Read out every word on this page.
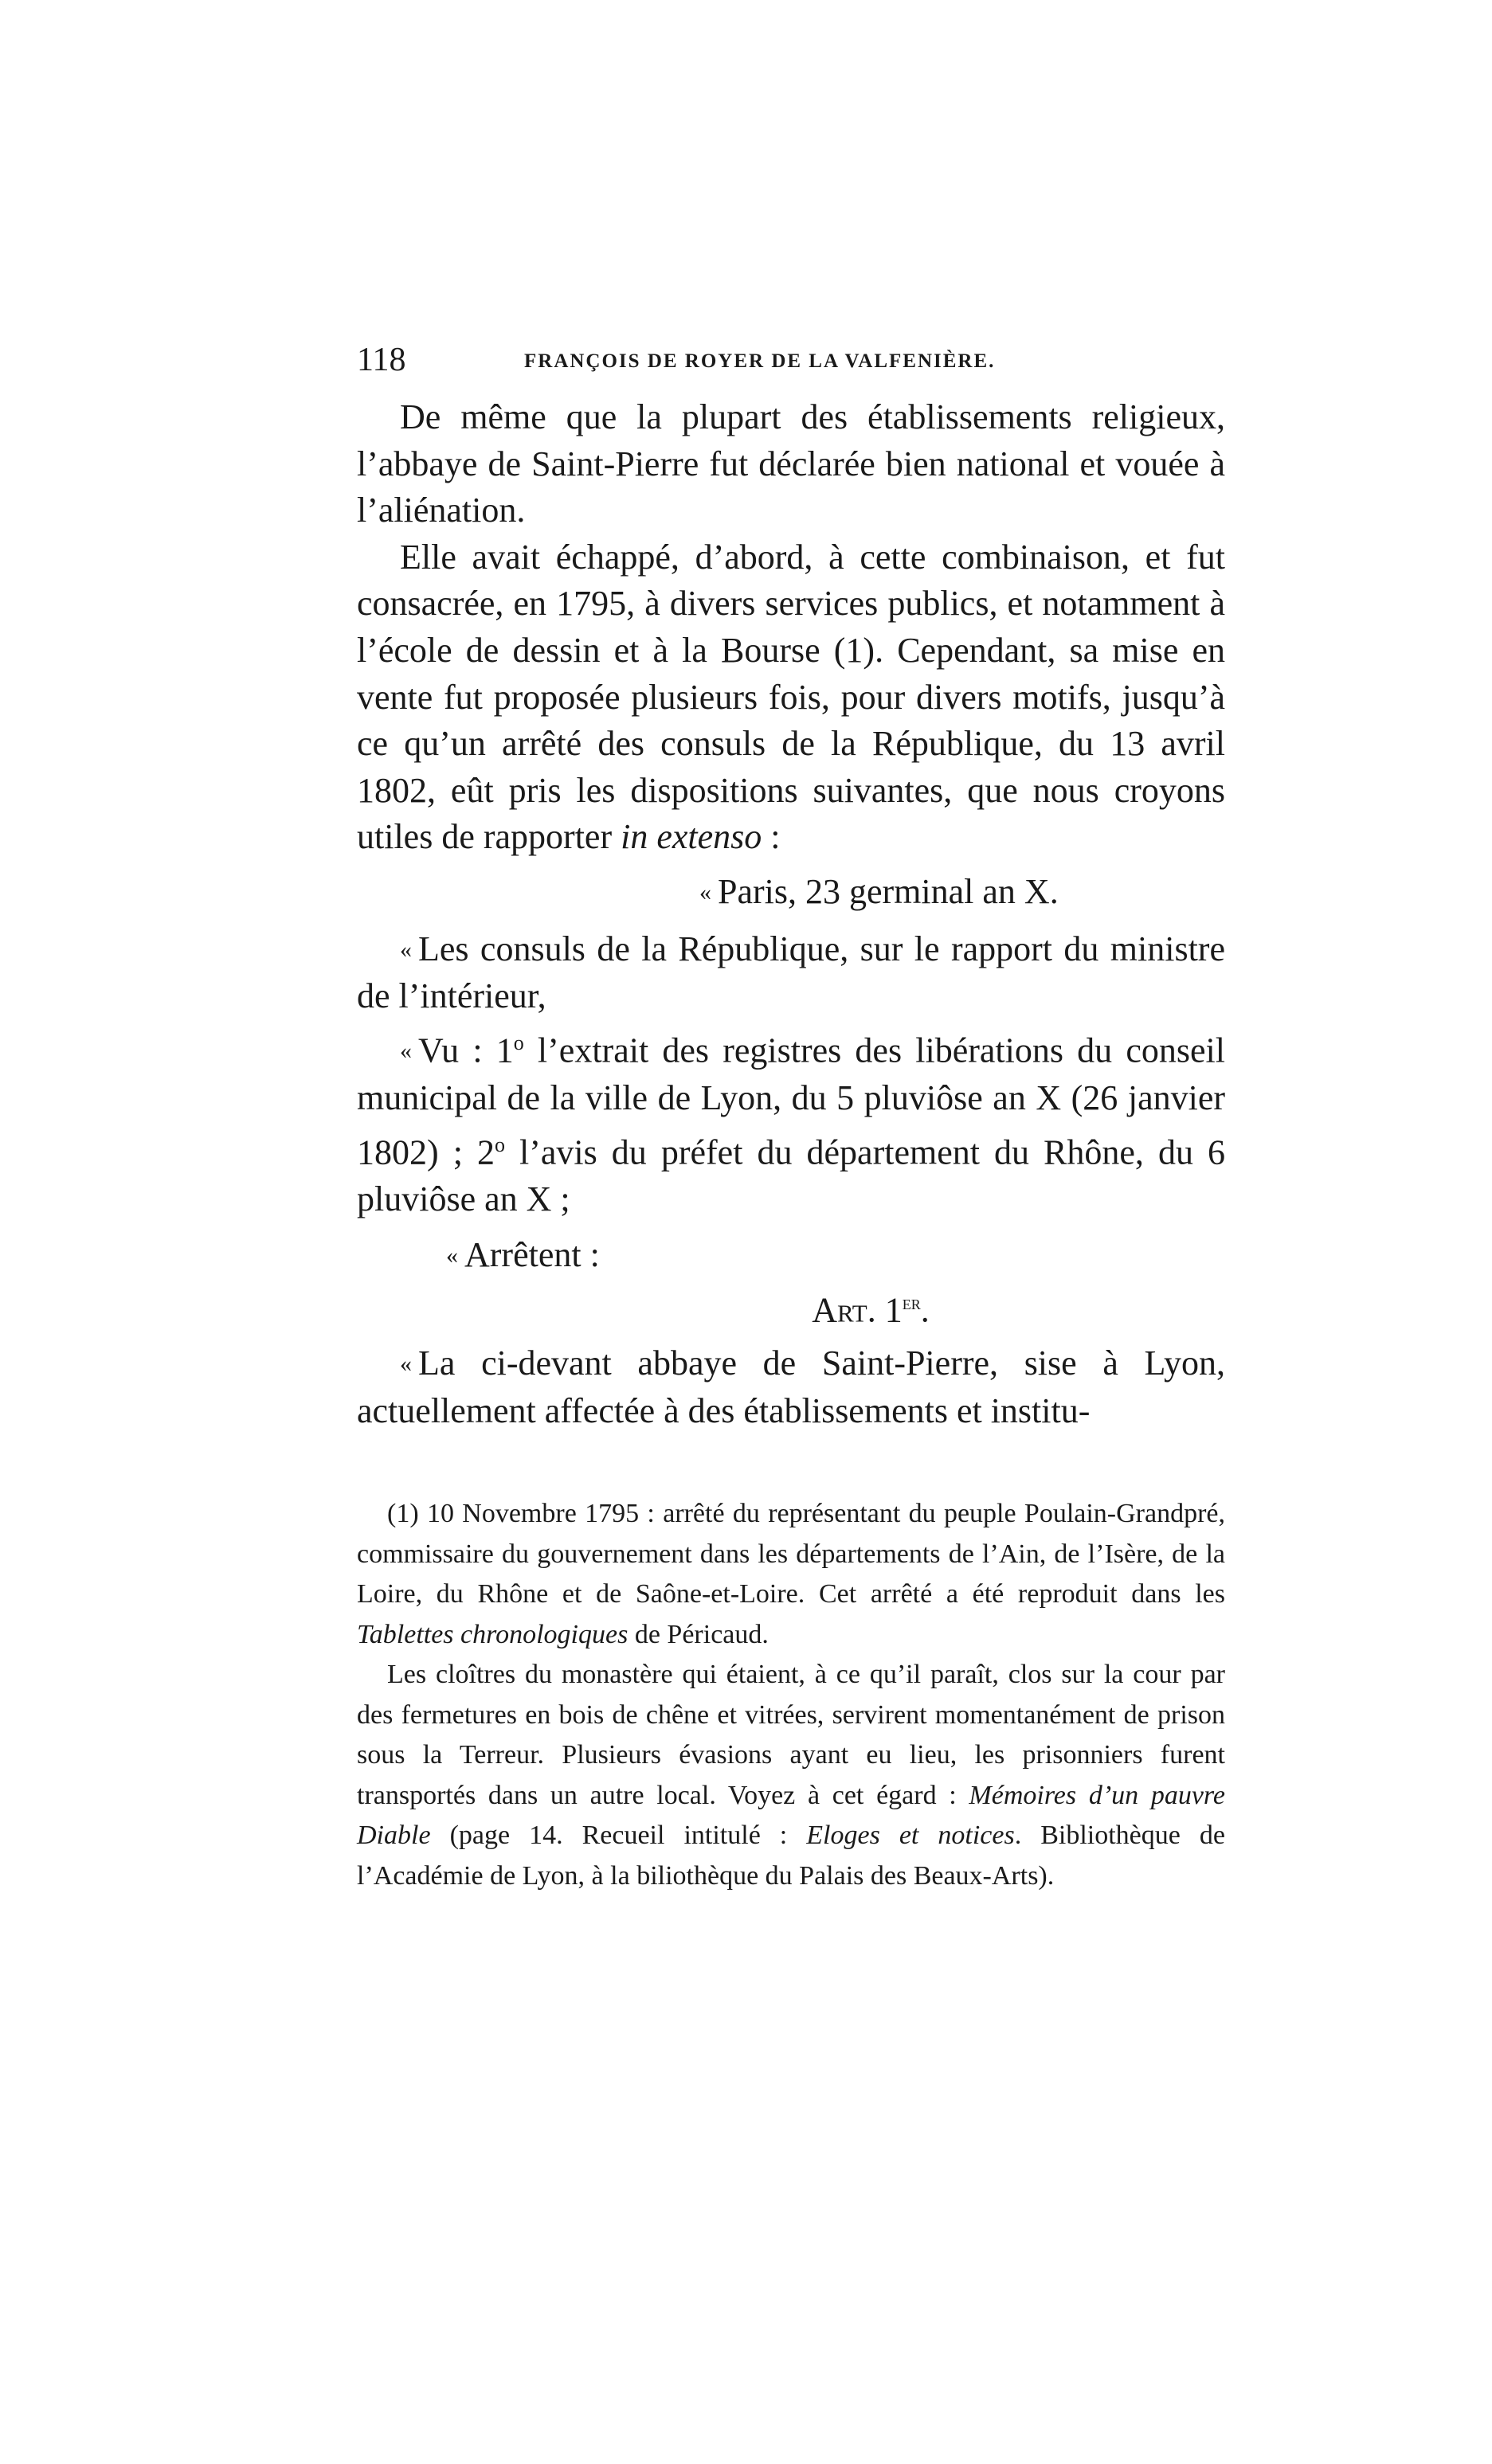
118	FRANÇOIS DE ROYER DE LA VALFENIÈRE.

De même que la plupart des établissements religieux, l’abbaye de Saint-Pierre fut déclarée bien national et vouée à l’aliénation.

Elle avait échappé, d’abord, à cette combinaison, et fut consacrée, en 1795, à divers services publics, et notamment à l’école de dessin et à la Bourse (1). Cependant, sa mise en vente fut proposée plusieurs fois, pour divers motifs, jusqu’à ce qu’un arrêté des consuls de la République, du 13 avril 1802, eût pris les dispositions suivantes, que nous croyons utiles de rapporter in extenso :

« Paris, 23 germinal an X.

« Les consuls de la République, sur le rapport du ministre de l’intérieur,

« Vu : 1$^o$ l’extrait des registres des libérations du conseil municipal de la ville de Lyon, du 5 pluviôse an X (26 janvier 1802) ; 2$^o$ l’avis du préfet du département du Rhône, du 6 pluviôse an X ;

« Arrêtent :

Art. 1er.

« La ci-devant abbaye de Saint-Pierre, sise à Lyon, actuellement affectée à des établissements et institu-

(1) 10 Novembre 1795 : arrêté du représentant du peuple Poulain-Grandpré, commissaire du gouvernement dans les départements de l’Ain, de l’Isère, de la Loire, du Rhône et de Saône-et-Loire. Cet arrêté a été reproduit dans les Tablettes chronologiques de Péricaud.

Les cloîtres du monastère qui étaient, à ce qu’il paraît, clos sur la cour par des fermetures en bois de chêne et vitrées, servirent momentanément de prison sous la Terreur. Plusieurs évasions ayant eu lieu, les prisonniers furent transportés dans un autre local. Voyez à cet égard : Mémoires d’un pauvre Diable (page 14. Recueil intitulé : Eloges et notices. Bibliothèque de l’Académie de Lyon, à la biliothèque du Palais des Beaux-Arts).
